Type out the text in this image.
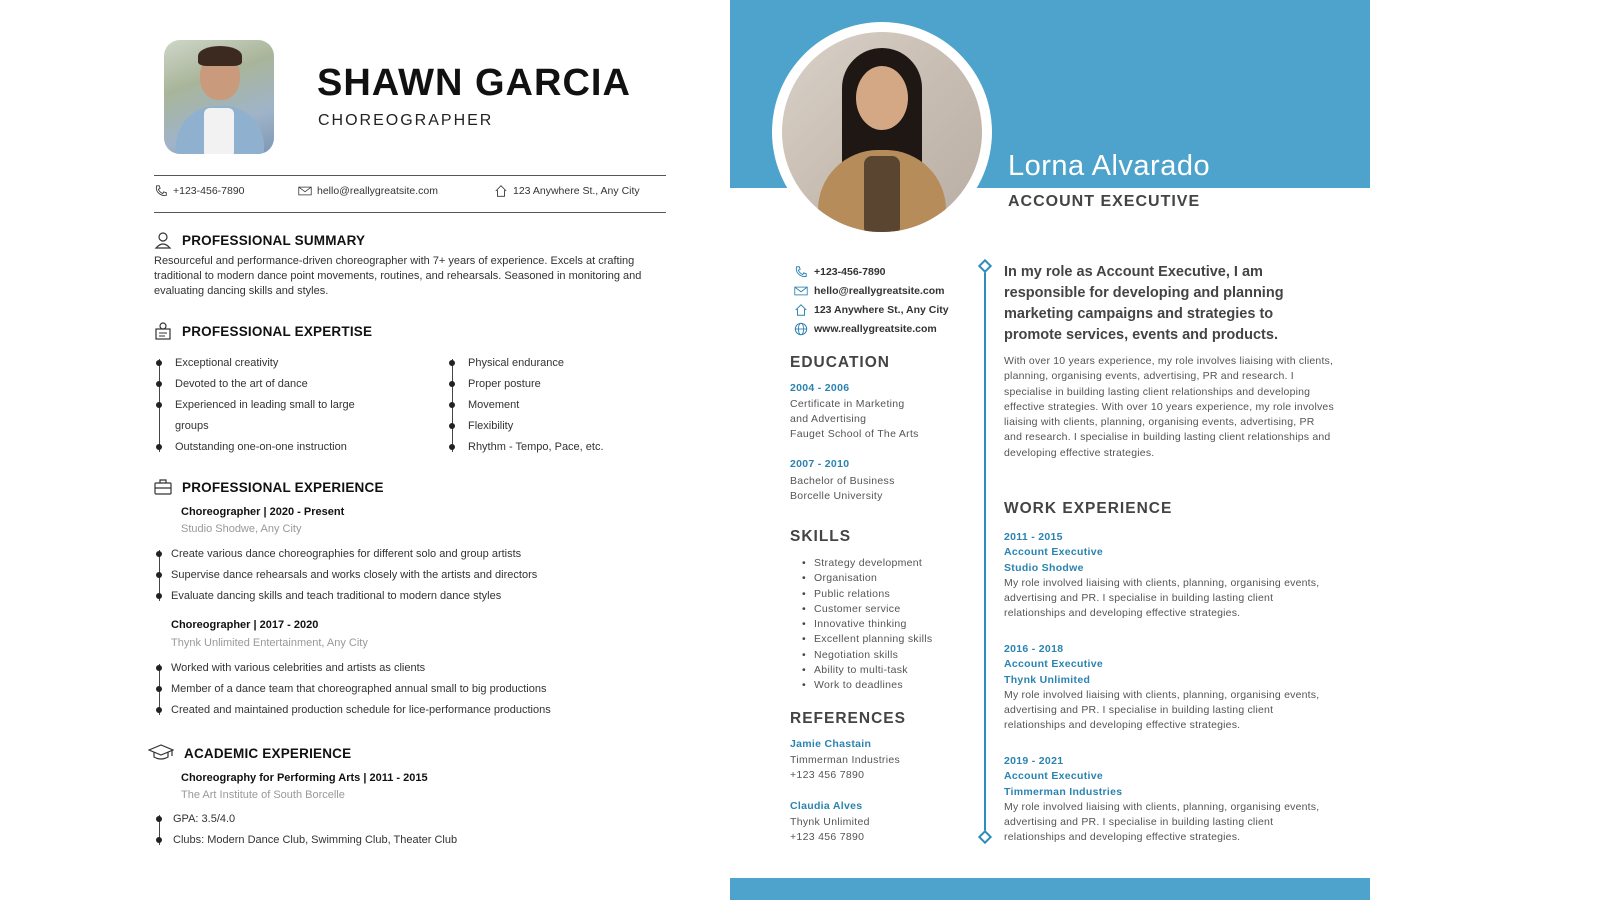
SHAWN GARCIA
CHOREOGRAPHER
+123-456-7890	hello@reallygreatsite.com	123 Anywhere St., Any City
PROFESSIONAL SUMMARY
Resourceful and performance-driven choreographer with 7+ years of experience. Excels at crafting traditional to modern dance point movements, routines, and rehearsals. Seasoned in monitoring and evaluating dancing skills and styles.
PROFESSIONAL EXPERTISE
Exceptional creativity
Devoted to the art of dance
Experienced in leading small to large
groups
Outstanding one-on-one instruction
Physical endurance
Proper posture
Movement
Flexibility
Rhythm - Tempo, Pace, etc.
PROFESSIONAL EXPERIENCE
Choreographer | 2020 - Present
Studio Shodwe, Any City
Create various dance choreographies for different solo and group artists
Supervise dance rehearsals and works closely with the artists and directors
Evaluate dancing skills and teach traditional to modern dance styles
Choreographer | 2017 - 2020
Thynk Unlimited Entertainment, Any City
Worked with various celebrities and artists as clients
Member of a dance team that choreographed annual small to big productions
Created and maintained production schedule for lice-performance productions
ACADEMIC EXPERIENCE
Choreography for Performing Arts | 2011 - 2015
The Art Institute of South Borcelle
GPA: 3.5/4.0
Clubs: Modern Dance Club, Swimming Club, Theater Club
Lorna Alvarado
ACCOUNT EXECUTIVE
+123-456-7890
hello@reallygreatsite.com
123 Anywhere St., Any City
www.reallygreatsite.com
EDUCATION
2004 - 2006
Certificate in Marketing
and Advertising
Fauget School of The Arts
2007 - 2010
Bachelor of Business
Borcelle University
SKILLS
• Strategy development
• Organisation
• Public relations
• Customer service
• Innovative thinking
• Excellent planning skills
• Negotiation skills
• Ability to multi-task
• Work to deadlines
REFERENCES
Jamie Chastain
Timmerman Industries
+123 456 7890
Claudia Alves
Thynk Unlimited
+123 456 7890
In my role as Account Executive, I am responsible for developing and planning marketing campaigns and strategies to promote services, events and products.
With over 10 years experience, my role involves liaising with clients, planning, organising events, advertising, PR and research. I specialise in building lasting client relationships and developing effective strategies. With over 10 years experience, my role involves liaising with clients, planning, organising events, advertising, PR and research. I specialise in building lasting client relationships and developing effective strategies.
WORK EXPERIENCE
2011 - 2015
Account Executive
Studio Shodwe
My role involved liaising with clients, planning, organising events, advertising and PR. I specialise in building lasting client relationships and developing effective strategies.
2016 - 2018
Account Executive
Thynk Unlimited
My role involved liaising with clients, planning, organising events, advertising and PR. I specialise in building lasting client relationships and developing effective strategies.
2019 - 2021
Account Executive
Timmerman Industries
My role involved liaising with clients, planning, organising events, advertising and PR. I specialise in building lasting client relationships and developing effective strategies.
